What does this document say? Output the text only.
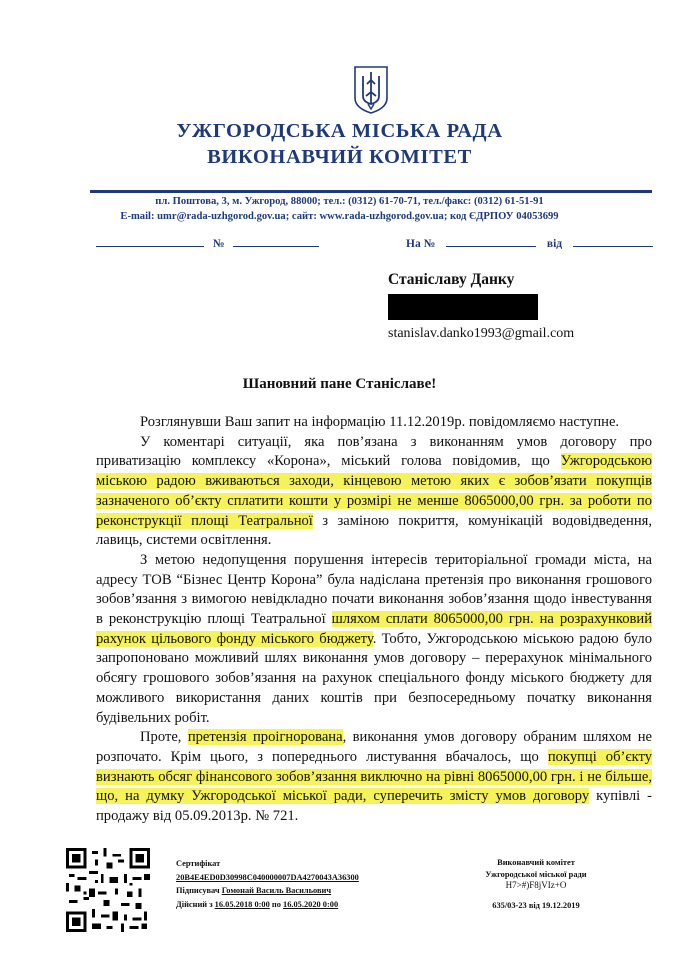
УЖГОРОДСЬКА МІСЬКА РАДА
ВИКОНАВЧИЙ КОМІТЕТ
пл. Поштова, 3, м. Ужгород, 88000; тел.: (0312) 61-70-71, тел./факс: (0312) 61-51-91
E-mail: umr@rada-uzhgorod.gov.ua; сайт: www.rada-uzhgorod.gov.ua; код ЄДРПОУ 04053699
№	На №	від
Станіславу Данку
stanislav.danko1993@gmail.com
Шановний пане Станіславе!

Розглянувши Ваш запит на інформацію 11.12.2019р. повідомляємо наступне.

У коментарі ситуації, яка пов’язана з виконанням умов договору про приватизацію комплексу «Корона», міський голова повідомив, що Ужгородською міською радою вживаються заходи, кінцевою метою яких є зобов’язати покупців зазначеного об’єкту сплатити кошти у розмірі не менше 8065000,00 грн. за роботи по реконструкції площі Театральної з заміною покриття, комунікацій водовідведення, лавиць, системи освітлення.

З метою недопущення порушення інтересів територіальної громади міста, на адресу ТОВ “Бізнес Центр Корона” була надіслана претензія про виконання грошового зобов’язання з вимогою невідкладно почати виконання зобов’язання щодо інвестування в реконструкцію площі Театральної шляхом сплати 8065000,00 грн. на розрахунковий рахунок цільового фонду міського бюджету. Тобто, Ужгородською міською радою було запропоновано можливий шлях виконання умов договору – перерахунок мінімального обсягу грошового зобов’язання на рахунок спеціального фонду міського бюджету для можливого використання даних коштів при безпосередньому початку виконання будівельних робіт.

Проте, претензія проігнорована, виконання умов договору обраним шляхом не розпочато. Крім цього, з попереднього листування вбачалось, що покупці об’єкту визнають обсяг фінансового зобов’язання виключно на рівні 8065000,00 грн. і не більше, що, на думку Ужгородської міської ради, суперечить змісту умов договору купівлі - продажу від 05.09.2013р. № 721.

Сертифікат
20B4E4ED0D30998C040000007DA4270043A36300
Підписувач Гомонай Василь Васильович
Дійсний з 16.05.2018 0:00 по 16.05.2020 0:00
Виконавчий комітет
Ужгородської міської ради
H7>#)F8jVIz+O
635/03-23 від 19.12.2019
